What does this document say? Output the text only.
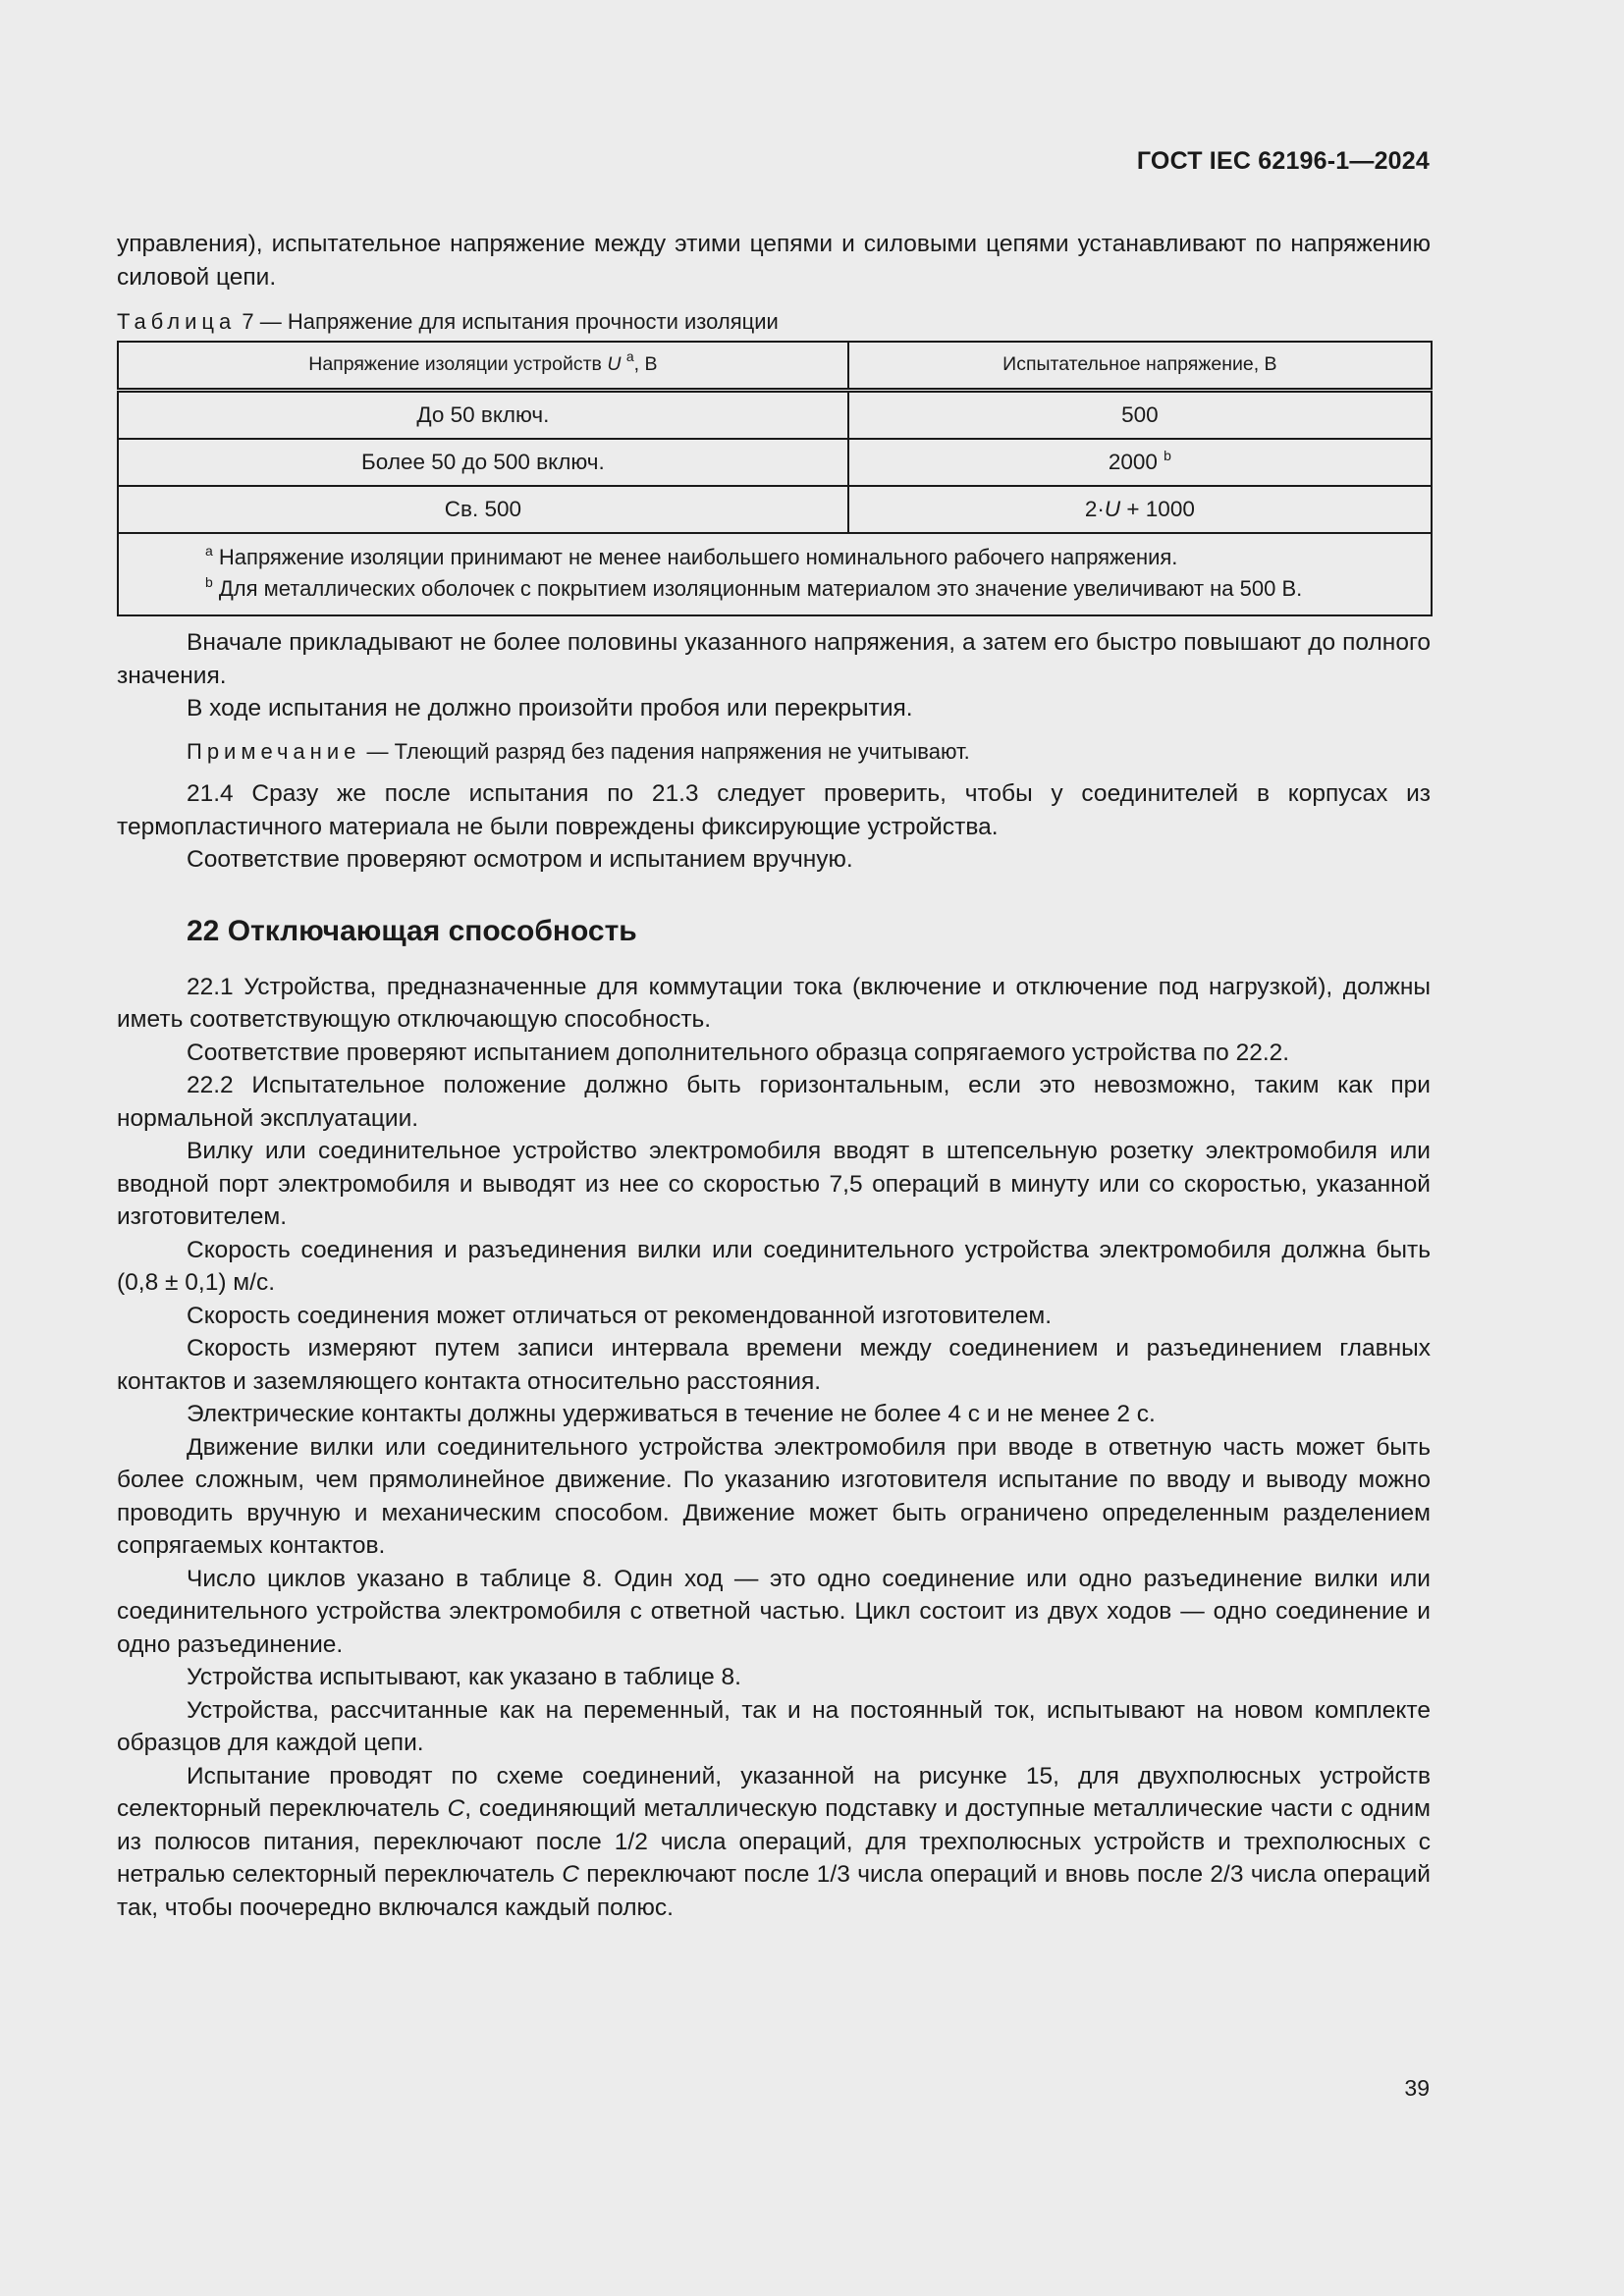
ГОСТ IEC 62196-1—2024

управления), испытательное напряжение между этими цепями и силовыми цепями устанавливают по напряжению силовой цепи.

Таблица 7 — Напряжение для испытания прочности изоляции

Напряжение изоляции устройств U $^a$, В	Испытательное напряжение, В
До 50 включ.	500
Более 50 до 500 включ.	2000 $^b$
Св. 500	2·U + 1000

$^a$ Напряжение изоляции принимают не менее наибольшего номинального рабочего напряжения.
$^b$ Для металлических оболочек с покрытием изоляционным материалом это значение увеличивают на 500 В.	

Вначале прикладывают не более половины указанного напряжения, а затем его быстро повышают до полного значения.

В ходе испытания не должно произойти пробоя или перекрытия.

Примечание — Тлеющий разряд без падения напряжения не учитывают.

21.4 Сразу же после испытания по 21.3 следует проверить, чтобы у соединителей в корпусах из термопластичного материала не были повреждены фиксирующие устройства.

Соответствие проверяют осмотром и испытанием вручную.

22 Отключающая способность

22.1 Устройства, предназначенные для коммутации тока (включение и отключение под нагрузкой), должны иметь соответствующую отключающую способность.

Соответствие проверяют испытанием дополнительного образца сопрягаемого устройства по 22.2.

22.2 Испытательное положение должно быть горизонтальным, если это невозможно, таким как при нормальной эксплуатации.

Вилку или соединительное устройство электромобиля вводят в штепсельную розетку электромобиля или вводной порт электромобиля и выводят из нее со скоростью 7,5 операций в минуту или со скоростью, указанной изготовителем.

Скорость соединения и разъединения вилки или соединительного устройства электромобиля должна быть (0,8 ± 0,1) м/с.

Скорость соединения может отличаться от рекомендованной изготовителем.

Скорость измеряют путем записи интервала времени между соединением и разъединением главных контактов и заземляющего контакта относительно расстояния.

Электрические контакты должны удерживаться в течение не более 4 с и не менее 2 с.

Движение вилки или соединительного устройства электромобиля при вводе в ответную часть может быть более сложным, чем прямолинейное движение. По указанию изготовителя испытание по вводу и выводу можно проводить вручную и механическим способом. Движение может быть ограничено определенным разделением сопрягаемых контактов.

Число циклов указано в таблице 8. Один ход — это одно соединение или одно разъединение вилки или соединительного устройства электромобиля с ответной частью. Цикл состоит из двух ходов — одно соединение и одно разъединение.

Устройства испытывают, как указано в таблице 8.

Устройства, рассчитанные как на переменный, так и на постоянный ток, испытывают на новом комплекте образцов для каждой цепи.

Испытание проводят по схеме соединений, указанной на рисунке 15, для двухполюсных устройств селекторный переключатель С, соединяющий металлическую подставку и доступные металлические части с одним из полюсов питания, переключают после 1/2 числа операций, для трехполюсных устройств и трехполюсных с нетралью селекторный переключатель С переключают после 1/3 числа операций и вновь после 2/3 числа операций так, чтобы поочередно включался каждый полюс.

39
